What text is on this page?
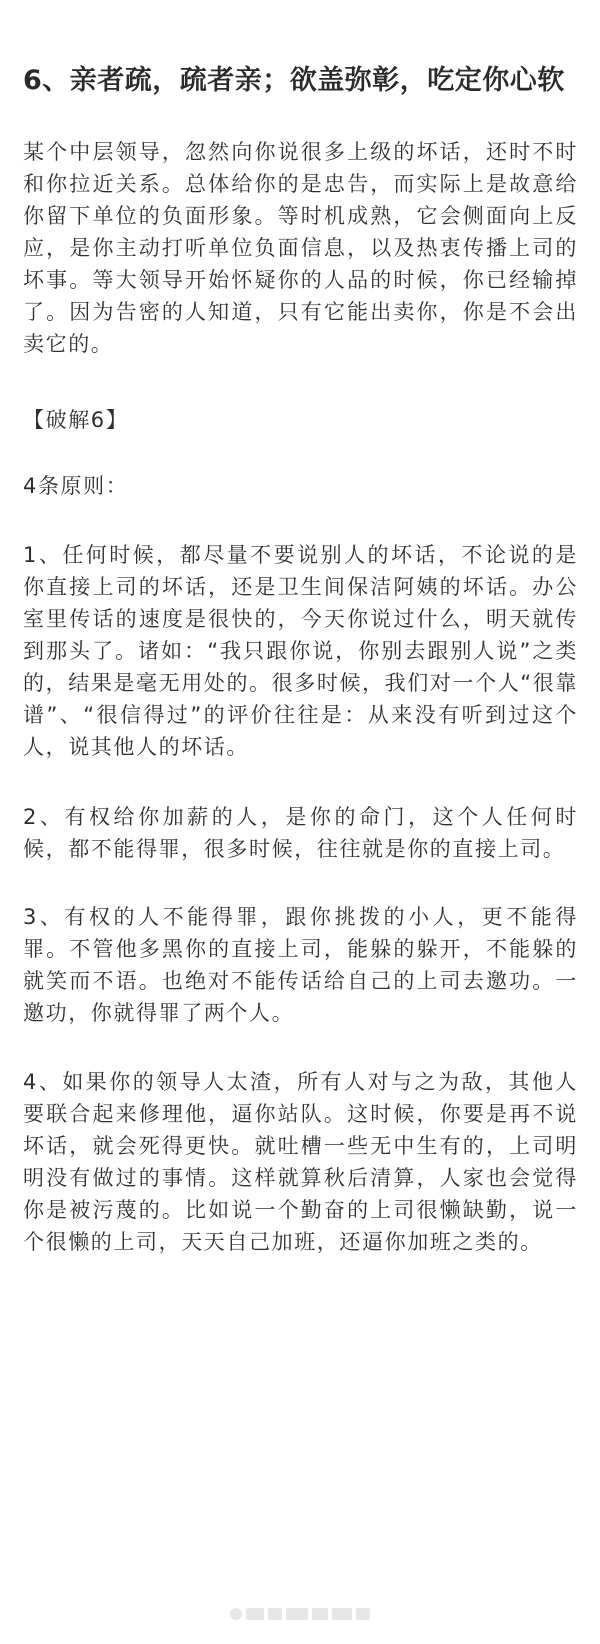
6、亲者疏，疏者亲；欲盖弥彰，吃定你心软

某个中层领导，忽然向你说很多上级的坏话，还时不时和你拉近关系。总体给你的是忠告，而实际上是故意给你留下单位的负面形象。等时机成熟，它会侧面向上反应，是你主动打听单位负面信息，以及热衷传播上司的坏事。等大领导开始怀疑你的人品的时候，你已经输掉了。因为告密的人知道，只有它能出卖你，你是不会出卖它的。

【破解6】

4条原则：

1、任何时候，都尽量不要说别人的坏话，不论说的是你直接上司的坏话，还是卫生间保洁阿姨的坏话。办公室里传话的速度是很快的，今天你说过什么，明天就传到那头了。诸如：“我只跟你说，你别去跟别人说”之类的，结果是毫无用处的。很多时候，我们对一个人“很靠谱”、“很信得过”的评价往往是：从来没有听到过这个人，说其他人的坏话。

2、有权给你加薪的人，是你的命门，这个人任何时候，都不能得罪，很多时候，往往就是你的直接上司。

3、有权的人不能得罪，跟你挑拨的小人，更不能得罪。不管他多黑你的直接上司，能躲的躲开，不能躲的就笑而不语。也绝对不能传话给自己的上司去邀功。一邀功，你就得罪了两个人。

4、如果你的领导人太渣，所有人对与之为敌，其他人要联合起来修理他，逼你站队。这时候，你要是再不说坏话，就会死得更快。就吐槽一些无中生有的，上司明明没有做过的事情。这样就算秋后清算，人家也会觉得你是被污蔑的。比如说一个勤奋的上司很懒缺勤，说一个很懒的上司，天天自己加班，还逼你加班之类的。
